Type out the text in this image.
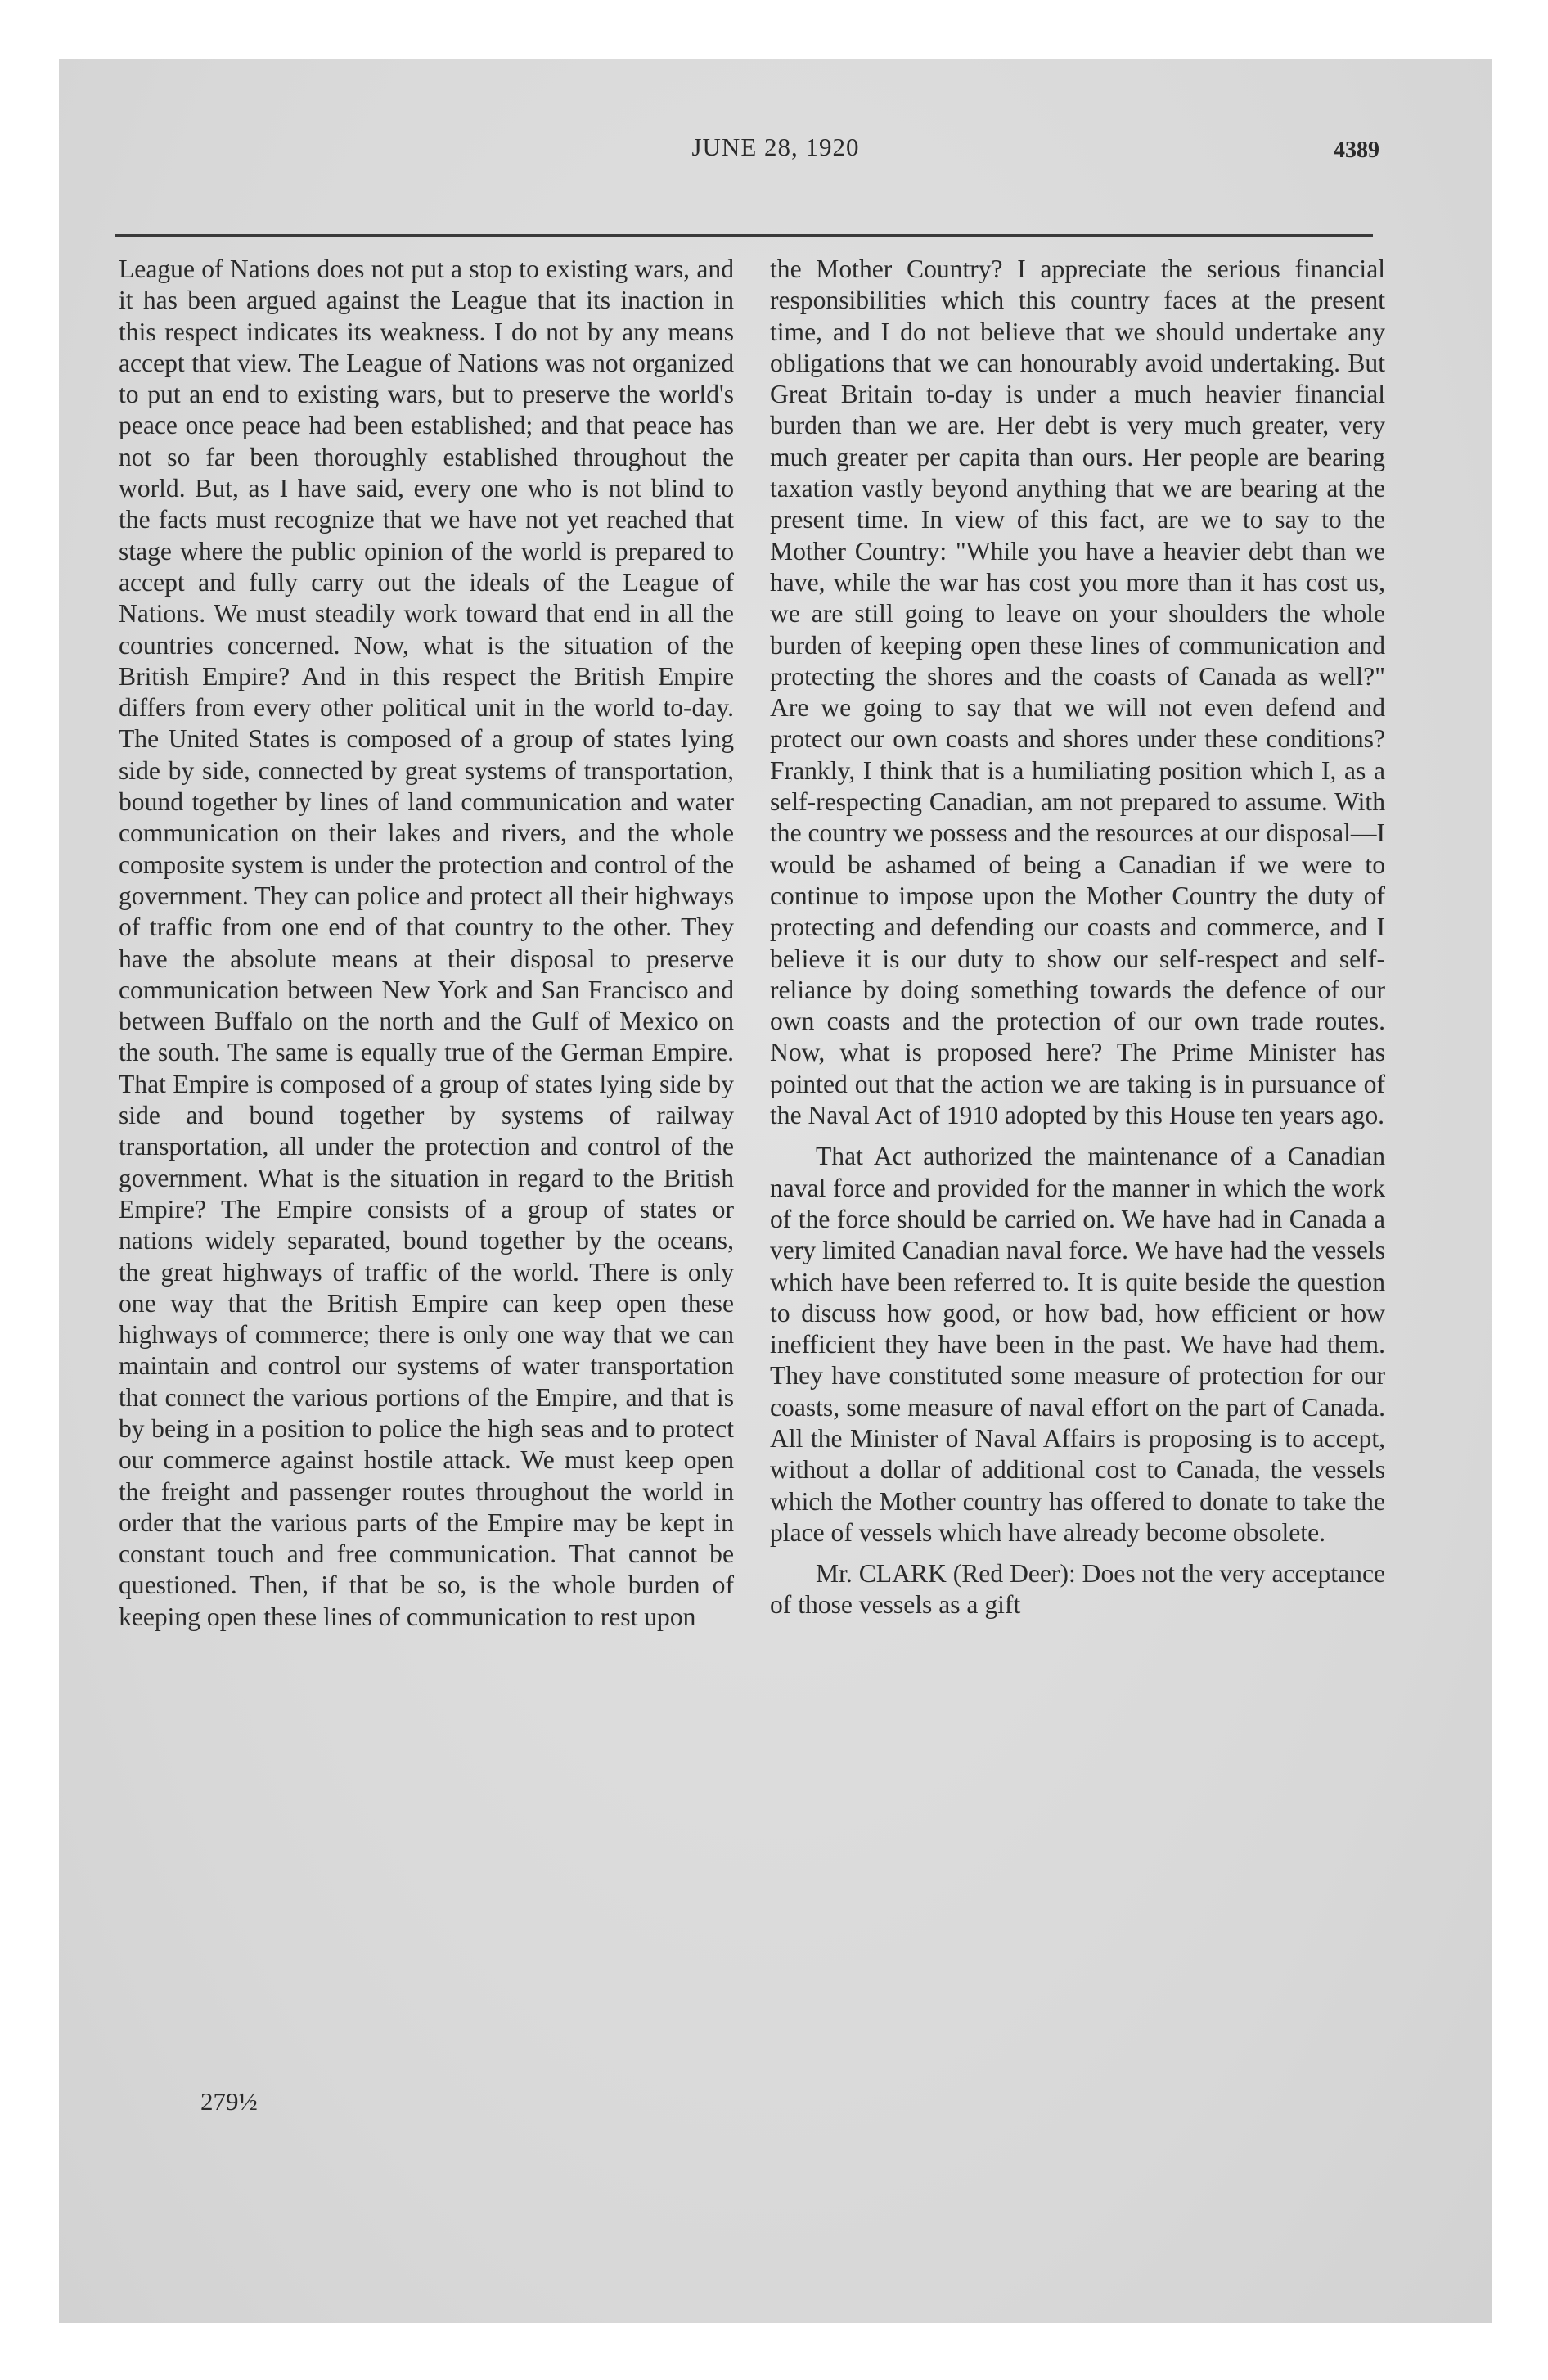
JUNE 28, 1920	4389

League of Nations does not put a stop to existing wars, and it has been argued against the League that its inaction in this respect indicates its weakness. I do not by any means accept that view. The League of Nations was not organized to put an end to existing wars, but to preserve the world's peace once peace had been established; and that peace has not so far been thoroughly established throughout the world. But, as I have said, every one who is not blind to the facts must recognize that we have not yet reached that stage where the public opinion of the world is prepared to accept and fully carry out the ideals of the League of Nations. We must steadily work toward that end in all the countries concerned. Now, what is the situation of the British Empire? And in this respect the British Empire differs from every other political unit in the world to-day. The United States is composed of a group of states lying side by side, connected by great systems of transportation, bound together by lines of land communication and water communication on their lakes and rivers, and the whole composite system is under the protection and control of the government. They can police and protect all their highways of traffic from one end of that country to the other. They have the absolute means at their disposal to preserve communication between New York and San Francisco and between Buffalo on the north and the Gulf of Mexico on the south. The same is equally true of the German Empire. That Empire is composed of a group of states lying side by side and bound together by systems of railway transportation, all under the protection and control of the government. What is the situation in regard to the British Empire? The Empire consists of a group of states or nations widely separated, bound together by the oceans, the great highways of traffic of the world. There is only one way that the British Empire can keep open these highways of commerce; there is only one way that we can maintain and control our systems of water transportation that connect the various portions of the Empire, and that is by being in a position to police the high seas and to protect our commerce against hostile attack. We must keep open the freight and passenger routes throughout the world in order that the various parts of the Empire may be kept in constant touch and free communication. That cannot be questioned. Then, if that be so, is the whole burden of keeping open these lines of communication to rest upon

the Mother Country? I appreciate the serious financial responsibilities which this country faces at the present time, and I do not believe that we should undertake any obligations that we can honourably avoid undertaking. But Great Britain to-day is under a much heavier financial burden than we are. Her debt is very much greater, very much greater per capita than ours. Her people are bearing taxation vastly beyond anything that we are bearing at the present time. In view of this fact, are we to say to the Mother Country: "While you have a heavier debt than we have, while the war has cost you more than it has cost us, we are still going to leave on your shoulders the whole burden of keeping open these lines of communication and protecting the shores and the coasts of Canada as well?" Are we going to say that we will not even defend and protect our own coasts and shores under these conditions? Frankly, I think that is a humiliating position which I, as a self-respecting Canadian, am not prepared to assume. With the country we possess and the resources at our disposal—I would be ashamed of being a Canadian if we were to continue to impose upon the Mother Country the duty of protecting and defending our coasts and commerce, and I believe it is our duty to show our self-respect and self-reliance by doing something towards the defence of our own coasts and the protection of our own trade routes. Now, what is proposed here? The Prime Minister has pointed out that the action we are taking is in pursuance of the Naval Act of 1910 adopted by this House ten years ago.

That Act authorized the maintenance of a Canadian naval force and provided for the manner in which the work of the force should be carried on. We have had in Canada a very limited Canadian naval force. We have had the vessels which have been referred to. It is quite beside the question to discuss how good, or how bad, how efficient or how inefficient they have been in the past. We have had them. They have constituted some measure of protection for our coasts, some measure of naval effort on the part of Canada. All the Minister of Naval Affairs is proposing is to accept, without a dollar of additional cost to Canada, the vessels which the Mother country has offered to donate to take the place of vessels which have already become obsolete.

Mr. CLARK (Red Deer): Does not the very acceptance of those vessels as a gift

279½
